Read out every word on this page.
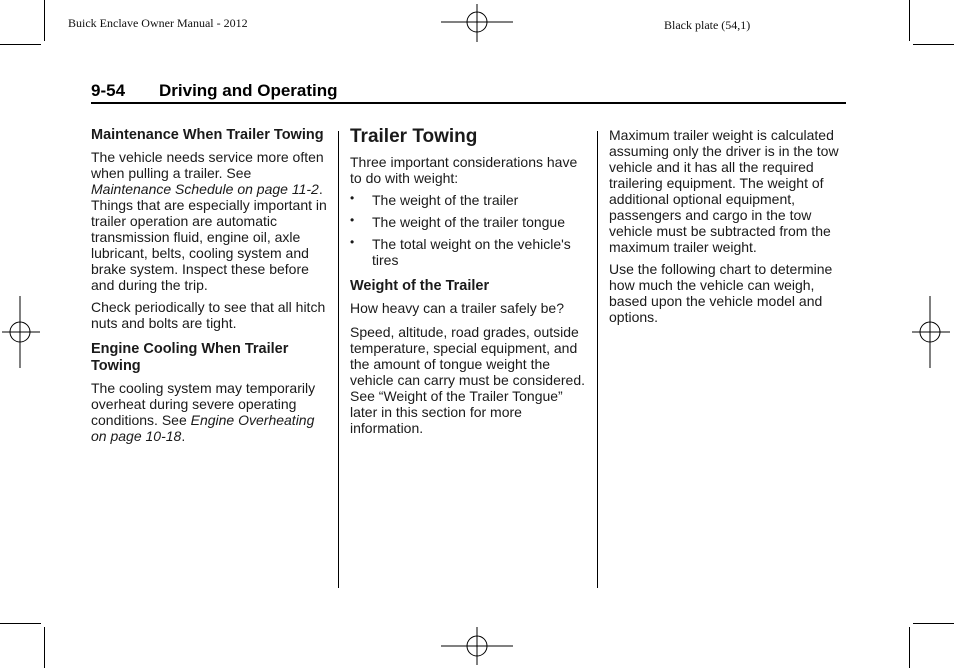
Buick Enclave Owner Manual - 2012	Black plate (54,1)
9-54 Driving and Operating
Maintenance When Trailer Towing

The vehicle needs service more often when pulling a trailer. See Maintenance Schedule on page 11-2. Things that are especially important in trailer operation are automatic transmission fluid, engine oil, axle lubricant, belts, cooling system and brake system. Inspect these before and during the trip.

Check periodically to see that all hitch nuts and bolts are tight.

Engine Cooling When Trailer Towing

The cooling system may temporarily overheat during severe operating conditions. See Engine Overheating on page 10-18.

Trailer Towing

Three important considerations have to do with weight:

• The weight of the trailer
• The weight of the trailer tongue
• The total weight on the vehicle's tires
Weight of the Trailer

How heavy can a trailer safely be?

Speed, altitude, road grades, outside temperature, special equipment, and the amount of tongue weight the vehicle can carry must be considered. See “Weight of the Trailer Tongue” later in this section for more information.

Maximum trailer weight is calculated assuming only the driver is in the tow vehicle and it has all the required trailering equipment. The weight of additional optional equipment, passengers and cargo in the tow vehicle must be subtracted from the maximum trailer weight.

Use the following chart to determine how much the vehicle can weigh, based upon the vehicle model and options.
